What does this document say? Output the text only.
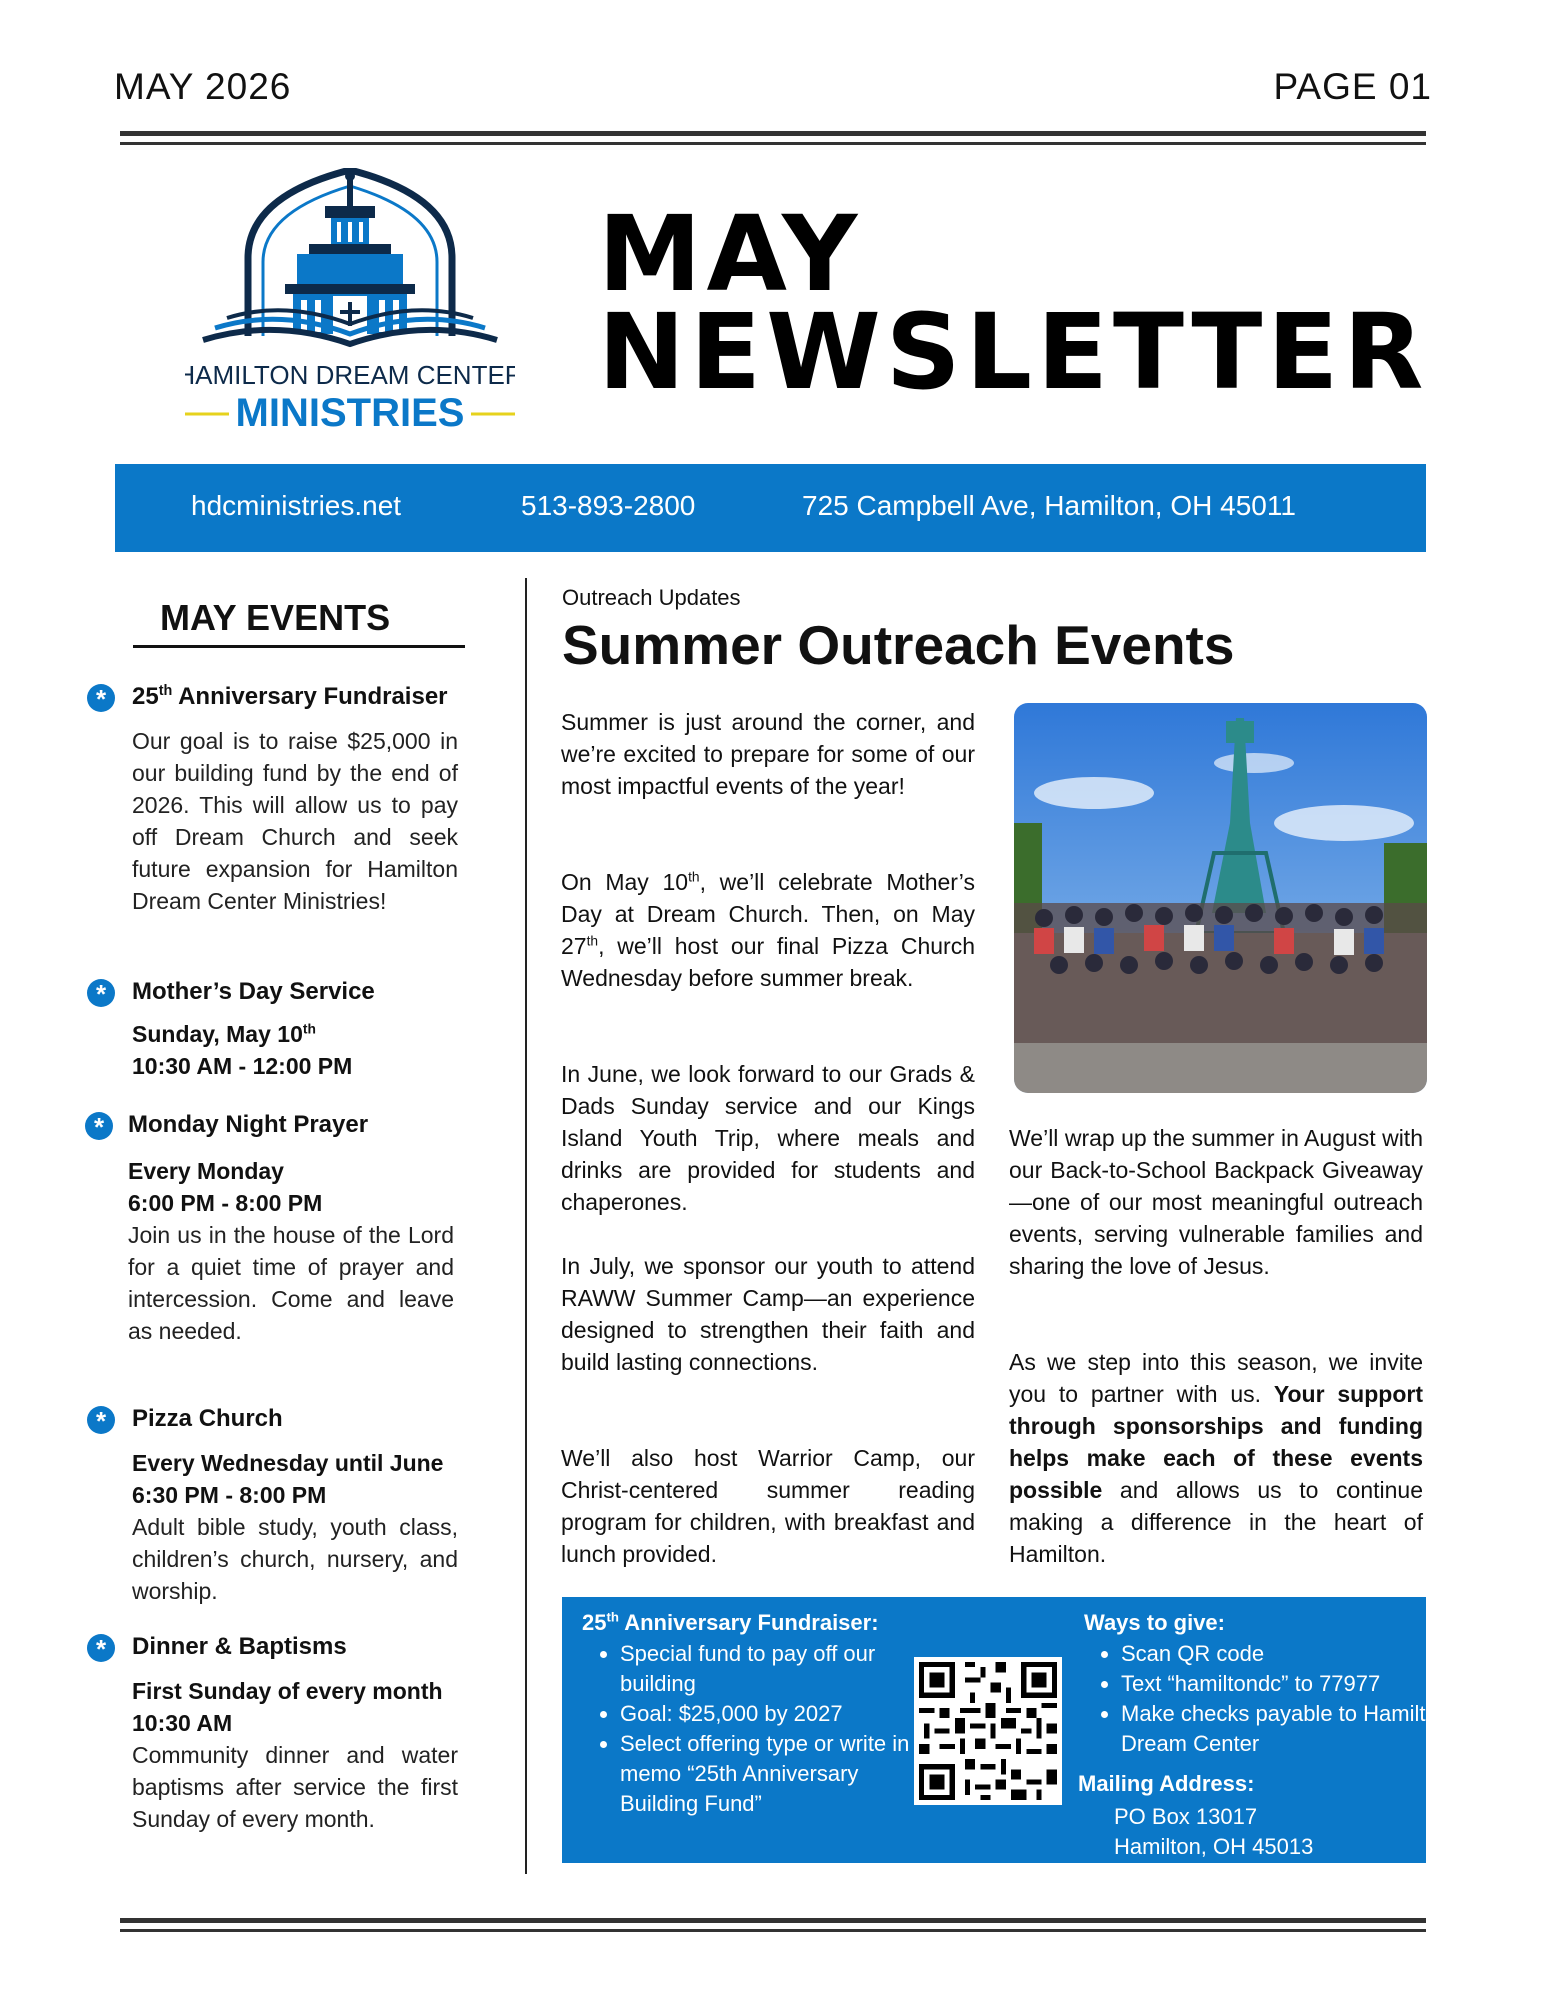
MAY 2026	PAGE 01
HAMILTON DREAM CENTER
MINISTRIES
MAY
NEWSLETTER
hdcministries.net	513-893-2800	725 Campbell Ave, Hamilton, OH 45011
MAY EVENTS
*	25th Anniversary Fundraiser
Our goal is to raise $25,000 in our building fund by the end of 2026. This will allow us to pay off Dream Church and seek future expansion for Hamilton Dream Center Ministries!
*	Mother’s Day Service
Sunday, May 10th
10:30 AM - 12:00 PM
* Monday Night Prayer
Every Monday
6:00 PM - 8:00 PM
Join us in the house of the Lord for a quiet time of prayer and intercession. Come and leave as needed.
*	Pizza Church
Every Wednesday until June
6:30 PM - 8:00 PM
Adult bible study, youth class, children’s church, nursery, and worship.
*	Dinner & Baptisms
First Sunday of every month
10:30 AM
Community dinner and water baptisms after service the first Sunday of every month.
Outreach Updates
Summer Outreach Events
Summer is just around the corner, and we’re excited to prepare for some of our most impactful events of the year!
On May 10th, we’ll celebrate Mother’s Day at Dream Church. Then, on May 27th, we’ll host our final Pizza Church Wednesday before summer break.
In June, we look forward to our Grads & Dads Sunday service and our Kings Island Youth Trip, where meals and drinks are provided for students and chaperones.
In July, we sponsor our youth to attend RAWW Summer Camp—an experience designed to strengthen their faith and build lasting connections.
We’ll also host Warrior Camp, our Christ-centered summer reading program for children, with breakfast and lunch provided.
We’ll wrap up the summer in August with our Back-to-School Backpack Giveaway—one of our most meaningful outreach events, serving vulnerable families and sharing the love of Jesus.
As we step into this season, we invite you to partner with us. Your support through sponsorships and funding helps make each of these events possible and allows us to continue making a difference in the heart of Hamilton.
25th Anniversary Fundraiser:
• Special fund to pay off our building
• Goal: $25,000 by 2027
• Select offering type or write in memo “25th Anniversary Building Fund”
Ways to give:
• Scan QR code
• Text “hamiltondc” to 77977
• Make checks payable to Hamilton Dream Center
Mailing Address:
PO Box 13017
Hamilton, OH 45013
